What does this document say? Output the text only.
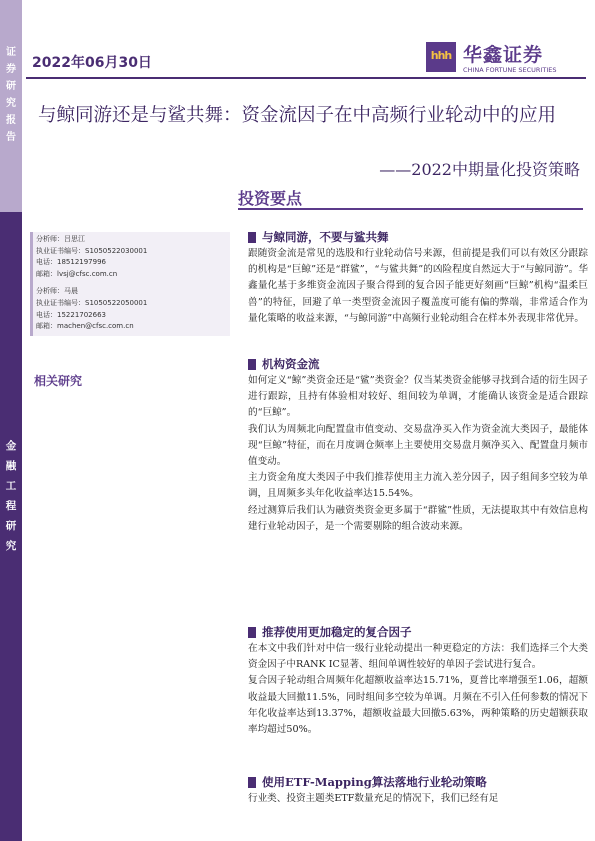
证
券
研
究
报
告
金
融
工
程
研
究
2022年06月30日	hhh 华鑫证券
CHINA FORTUNE SECURITIES
与鲸同游还是与鲨共舞：资金流因子在中高频行业轮动中的应用
——2022中期量化投资策略
投资要点
分析师：吕思江
执业证书编号：S1050522030001
电话：18512197996
邮箱：lvsj@cfsc.com.cn
分析师：马晨
执业证书编号：S1050522050001
电话：15221702663
邮箱：machen@cfsc.com.cn
相关研究
与鲸同游，不要与鲨共舞

跟随资金流是常见的选股和行业轮动信号来源，但前提是我们可以有效区分跟踪的机构是“巨鲸”还是“群鲨”，“与鲨共舞”的凶险程度自然远大于“与鲸同游”。华鑫量化基于多维资金流因子聚合得到的复合因子能更好刻画“巨鲸”机构“温柔巨兽”的特征，回避了单一类型资金流因子覆盖度可能有偏的弊端，非常适合作为量化策略的收益来源，“与鲸同游”中高频行业轮动组合在样本外表现非常优异。

机构资金流

如何定义“鲸”类资金还是“鲨”类资金？仅当某类资金能够寻找到合适的衍生因子进行跟踪，且持有体验相对较好、组间较为单调，才能确认该资金是适合跟踪的“巨鲸”。

我们认为周频北向配置盘市值变动、交易盘净买入作为资金流大类因子，最能体现“巨鲸”特征，而在月度调仓频率上主要使用交易盘月频净买入、配置盘月频市值变动。

主力资金角度大类因子中我们推荐使用主力流入差分因子，因子组间多空较为单调，且周频多头年化收益率达15.54%。

经过测算后我们认为融资类资金更多属于“群鲨”性质，无法提取其中有效信息构建行业轮动因子，是一个需要剔除的组合波动来源。

推荐使用更加稳定的复合因子

在本文中我们针对中信一级行业轮动提出一种更稳定的方法：我们选择三个大类资金因子中RANK IC显著、组间单调性较好的单因子尝试进行复合。

复合因子轮动组合周频年化超额收益率达15.71%，夏普比率增强至1.06，超额收益最大回撤11.5%，同时组间多空较为单调。月频在不引入任何参数的情况下年化收益率达到13.37%，超额收益最大回撤5.63%，两种策略的历史超额获取率均超过50%。

使用ETF-Mapping算法落地行业轮动策略

行业类、投资主题类ETF数量充足的情况下，我们已经有足
